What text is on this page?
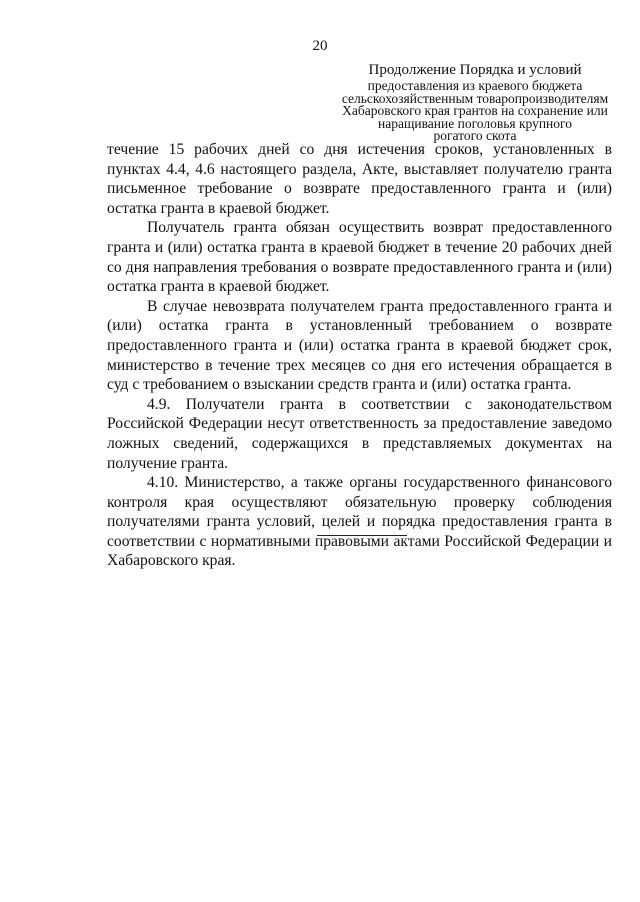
20
Продолжение Порядка и условий
предоставления из краевого бюджета
сельскохозяйственным товаропроизводителям
Хабаровского края грантов на сохранение или
наращивание поголовья крупного
рогатого скота

течение 15 рабочих дней со дня истечения сроков, установленных в пунктах 4.4, 4.6 настоящего раздела, Акте, выставляет получателю гранта письменное требование о возврате предоставленного гранта и (или) остатка гранта в краевой бюджет.

Получатель гранта обязан осуществить возврат предоставленного гранта и (или) остатка гранта в краевой бюджет в течение 20 рабочих дней со дня направления требования о возврате предоставленного гранта и (или) остатка гранта в краевой бюджет.

В случае невозврата получателем гранта предоставленного гранта и (или) остатка гранта в установленный требованием о возврате предоставленного гранта и (или) остатка гранта в краевой бюджет срок, министерство в течение трех месяцев со дня его истечения обращается в суд с требованием о взыскании средств гранта и (или) остатка гранта.

4.9. Получатели гранта в соответствии с законодательством Российской Федерации несут ответственность за предоставление заведомо ложных сведений, содержащихся в представляемых документах на получение гранта.

4.10. Министерство, а также органы государственного финансового контроля края осуществляют обязательную проверку соблюдения получателями гранта условий, целей и порядка предоставления гранта в соответствии с нормативными правовыми актами Российской Федерации и Хабаровского края.
